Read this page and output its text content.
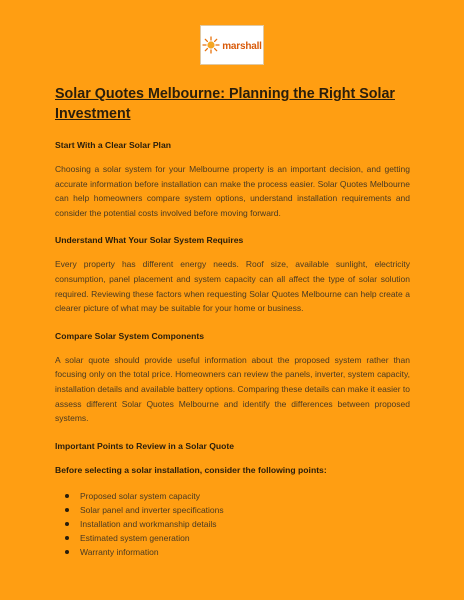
marshall
Solar Quotes Melbourne: Planning the Right Solar Investment
Start With a Clear Solar Plan

Choosing a solar system for your Melbourne property is an important decision, and getting accurate information before installation can make the process easier. Solar Quotes Melbourne can help homeowners compare system options, understand installation requirements and consider the potential costs involved before moving forward.

Understand What Your Solar System Requires

Every property has different energy needs. Roof size, available sunlight, electricity consumption, panel placement and system capacity can all affect the type of solar solution required. Reviewing these factors when requesting Solar Quotes Melbourne can help create a clearer picture of what may be suitable for your home or business.

Compare Solar System Components

A solar quote should provide useful information about the proposed system rather than focusing only on the total price. Homeowners can review the panels, inverter, system capacity, installation details and available battery options. Comparing these details can make it easier to assess different Solar Quotes Melbourne and identify the differences between proposed systems.

Important Points to Review in a Solar Quote
Before selecting a solar installation, consider the following points:
Proposed solar system capacity
Solar panel and inverter specifications
Installation and workmanship details
Estimated system generation
Warranty information
